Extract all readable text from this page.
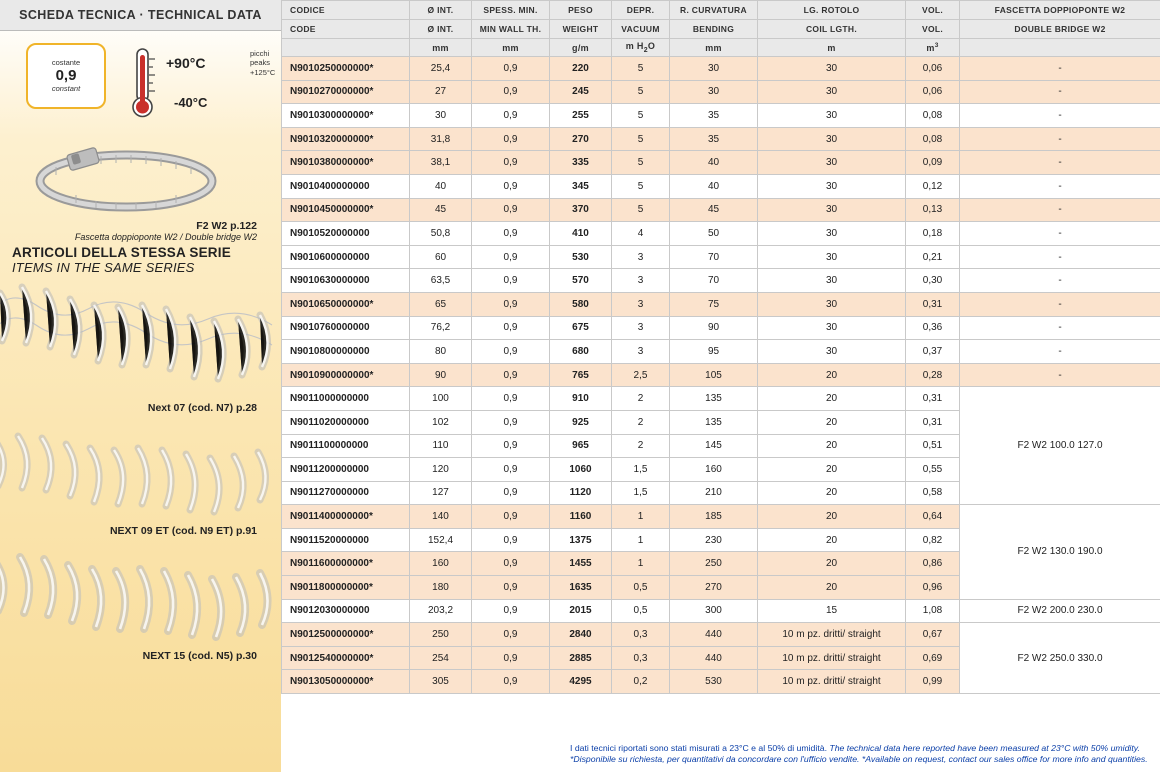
SCHEDA TECNICA · TECHNICAL DATA
costante
0,9
constant
+90°C
picchi
peaks
+125°C
-40°C
F2 W2 p.122
Fascetta doppioponte W2 / Double bridge W2
ARTICOLI DELLA STESSA SERIE
ITEMS IN THE SAME SERIES
Next 07 (cod. N7) p.28
NEXT 09 ET (cod. N9 ET) p.91
NEXT 15 (cod. N5) p.30
CODICE	Ø INT.	SPESS. MIN.	PESO	DEPR.	R. CURVATURA	LG. ROTOLO	VOL.	FASCETTA DOPPIOPONTE W2
CODE	Ø INT.	MIN WALL TH.	WEIGHT	VACUUM	BENDING	COIL LGTH.	VOL.	DOUBLE BRIDGE W2
	mm	mm	g/m	m $H_2O$	mm	m	$m^3$	
N9010250000000*	25,4	0,9	220	5	30	30	0,06	-
N9010270000000*	27	0,9	245	5	30	30	0,06	-
N9010300000000*	30	0,9	255	5	35	30	0,08	-
N9010320000000*	31,8	0,9	270	5	35	30	0,08	-
N9010380000000*	38,1	0,9	335	5	40	30	0,09	-
N9010400000000	40	0,9	345	5	40	30	0,12	-
N9010450000000*	45	0,9	370	5	45	30	0,13	-
N9010520000000	50,8	0,9	410	4	50	30	0,18	-
N9010600000000	60	0,9	530	3	70	30	0,21	-
N9010630000000	63,5	0,9	570	3	70	30	0,30	-
N9010650000000*	65	0,9	580	3	75	30	0,31	-
N9010760000000	76,2	0,9	675	3	90	30	0,36	-
N9010800000000	80	0,9	680	3	95	30	0,37	-
N9010900000000*	90	0,9	765	2,5	105	20	0,28	-
N9011000000000	100	0,9	910	2	135	20	0,31	F2 W2 100.0 127.0
N9011020000000	102	0,9	925	2	135	20	0,31	
N9011100000000	110	0,9	965	2	145	20	0,51	
N9011200000000	120	0,9	1060	1,5	160	20	0,55	
N9011270000000	127	0,9	1120	1,5	210	20	0,58	
N9011400000000*	140	0,9	1160	1	185	20	0,64	F2 W2 130.0 190.0
N9011520000000	152,4	0,9	1375	1	230	20	0,82	
N9011600000000*	160	0,9	1455	1	250	20	0,86	
N9011800000000*	180	0,9	1635	0,5	270	20	0,96	
N9012030000000	203,2	0,9	2015	0,5	300	15	1,08	F2 W2 200.0 230.0
N9012500000000*	250	0,9	2840	0,3	440	10 m pz. dritti/ straight	0,67	F2 W2 250.0 330.0
N9012540000000*	254	0,9	2885	0,3	440	10 m pz. dritti/ straight	0,69	
N9013050000000*	305	0,9	4295	0,2	530	10 m pz. dritti/ straight	0,99	
I dati tecnici riportati sono stati misurati a 23°C e al 50% di umidità. The technical data here reported have been measured at 23°C with 50% umidity.
*Disponibile su richiesta, per quantitativi da concordare con l'ufficio vendite. *Available on request, contact our sales office for more info and quantities.
